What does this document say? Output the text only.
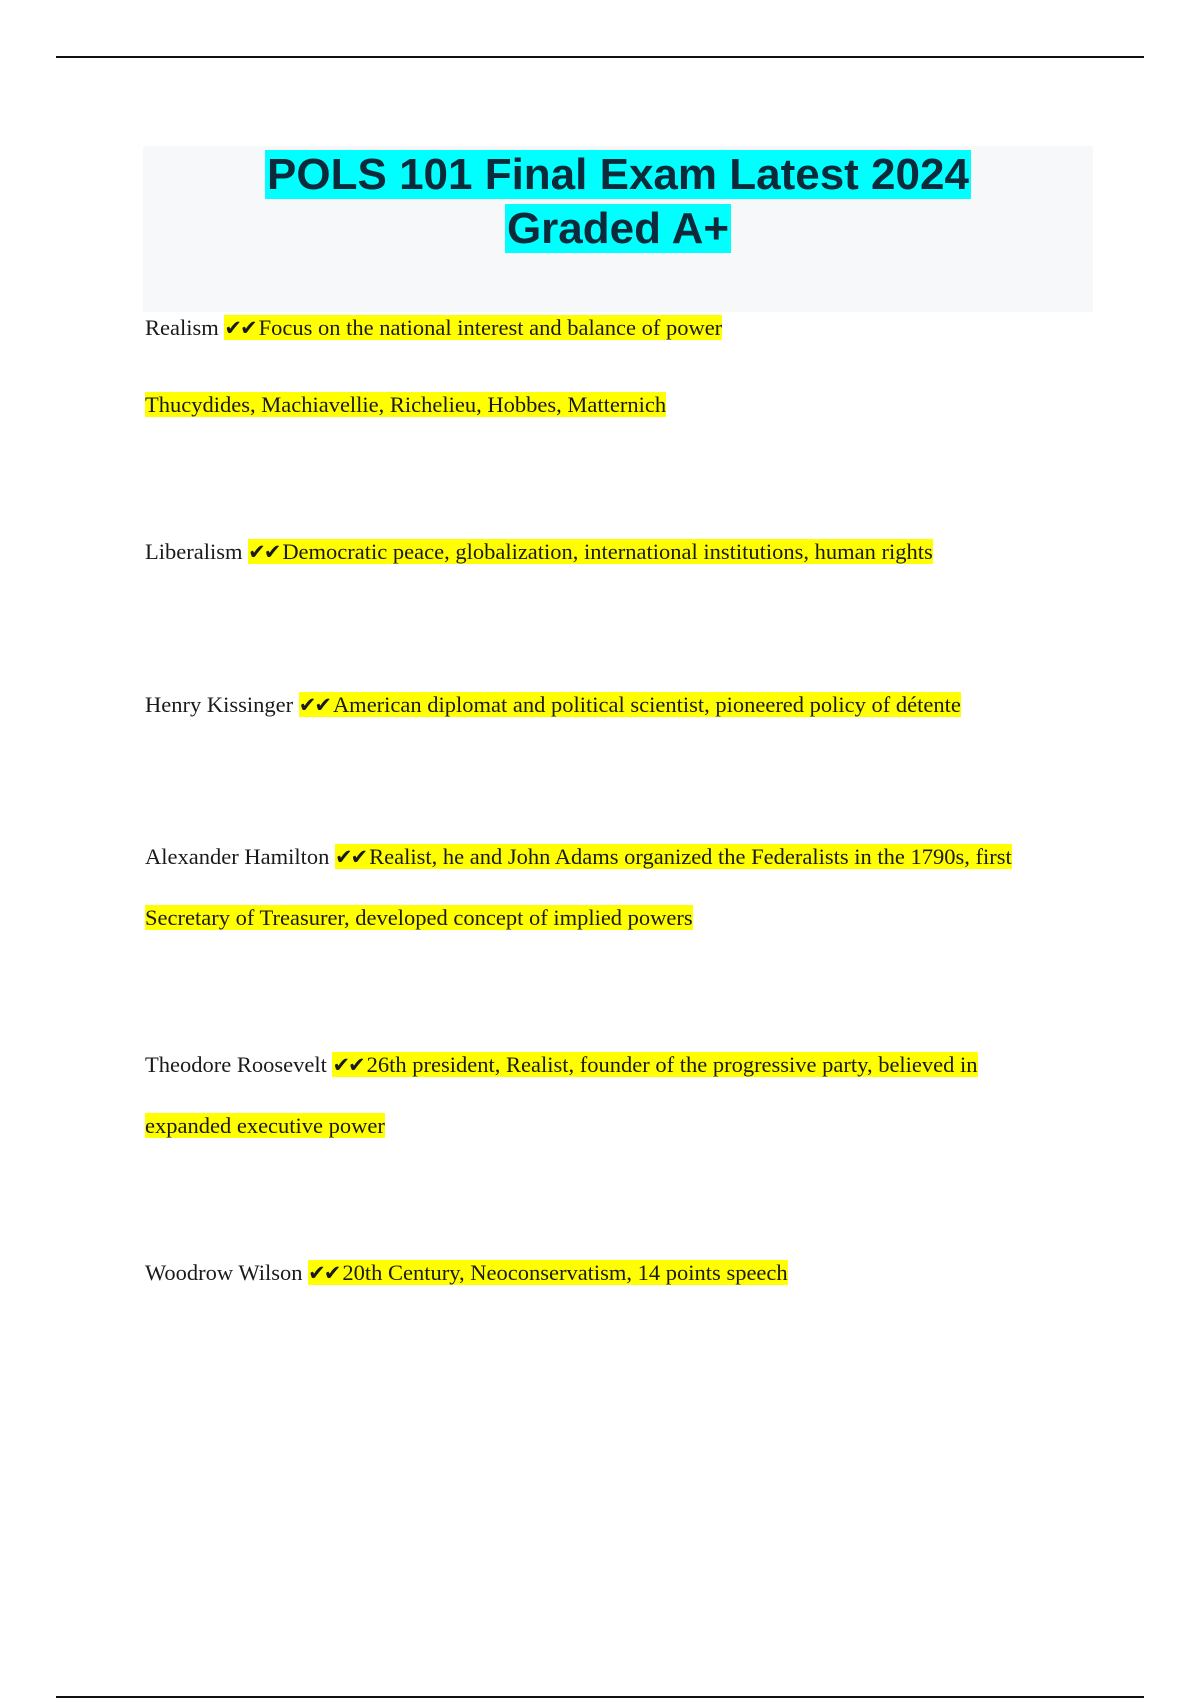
POLS 101 Final Exam Latest 2024
Graded A+
Realism ✔✔ Focus on the national interest and balance of power
Thucydides, Machiavellie, Richelieu, Hobbes, Matternich
Liberalism ✔✔ Democratic peace, globalization, international institutions, human rights
Henry Kissinger ✔✔ American diplomat and political scientist, pioneered policy of détente
Alexander Hamilton ✔✔ Realist, he and John Adams organized the Federalists in the 1790s, first
Secretary of Treasurer, developed concept of implied powers
Theodore Roosevelt ✔✔ 26th president, Realist, founder of the progressive party, believed in
expanded executive power
Woodrow Wilson ✔✔ 20th Century, Neoconservatism, 14 points speech
